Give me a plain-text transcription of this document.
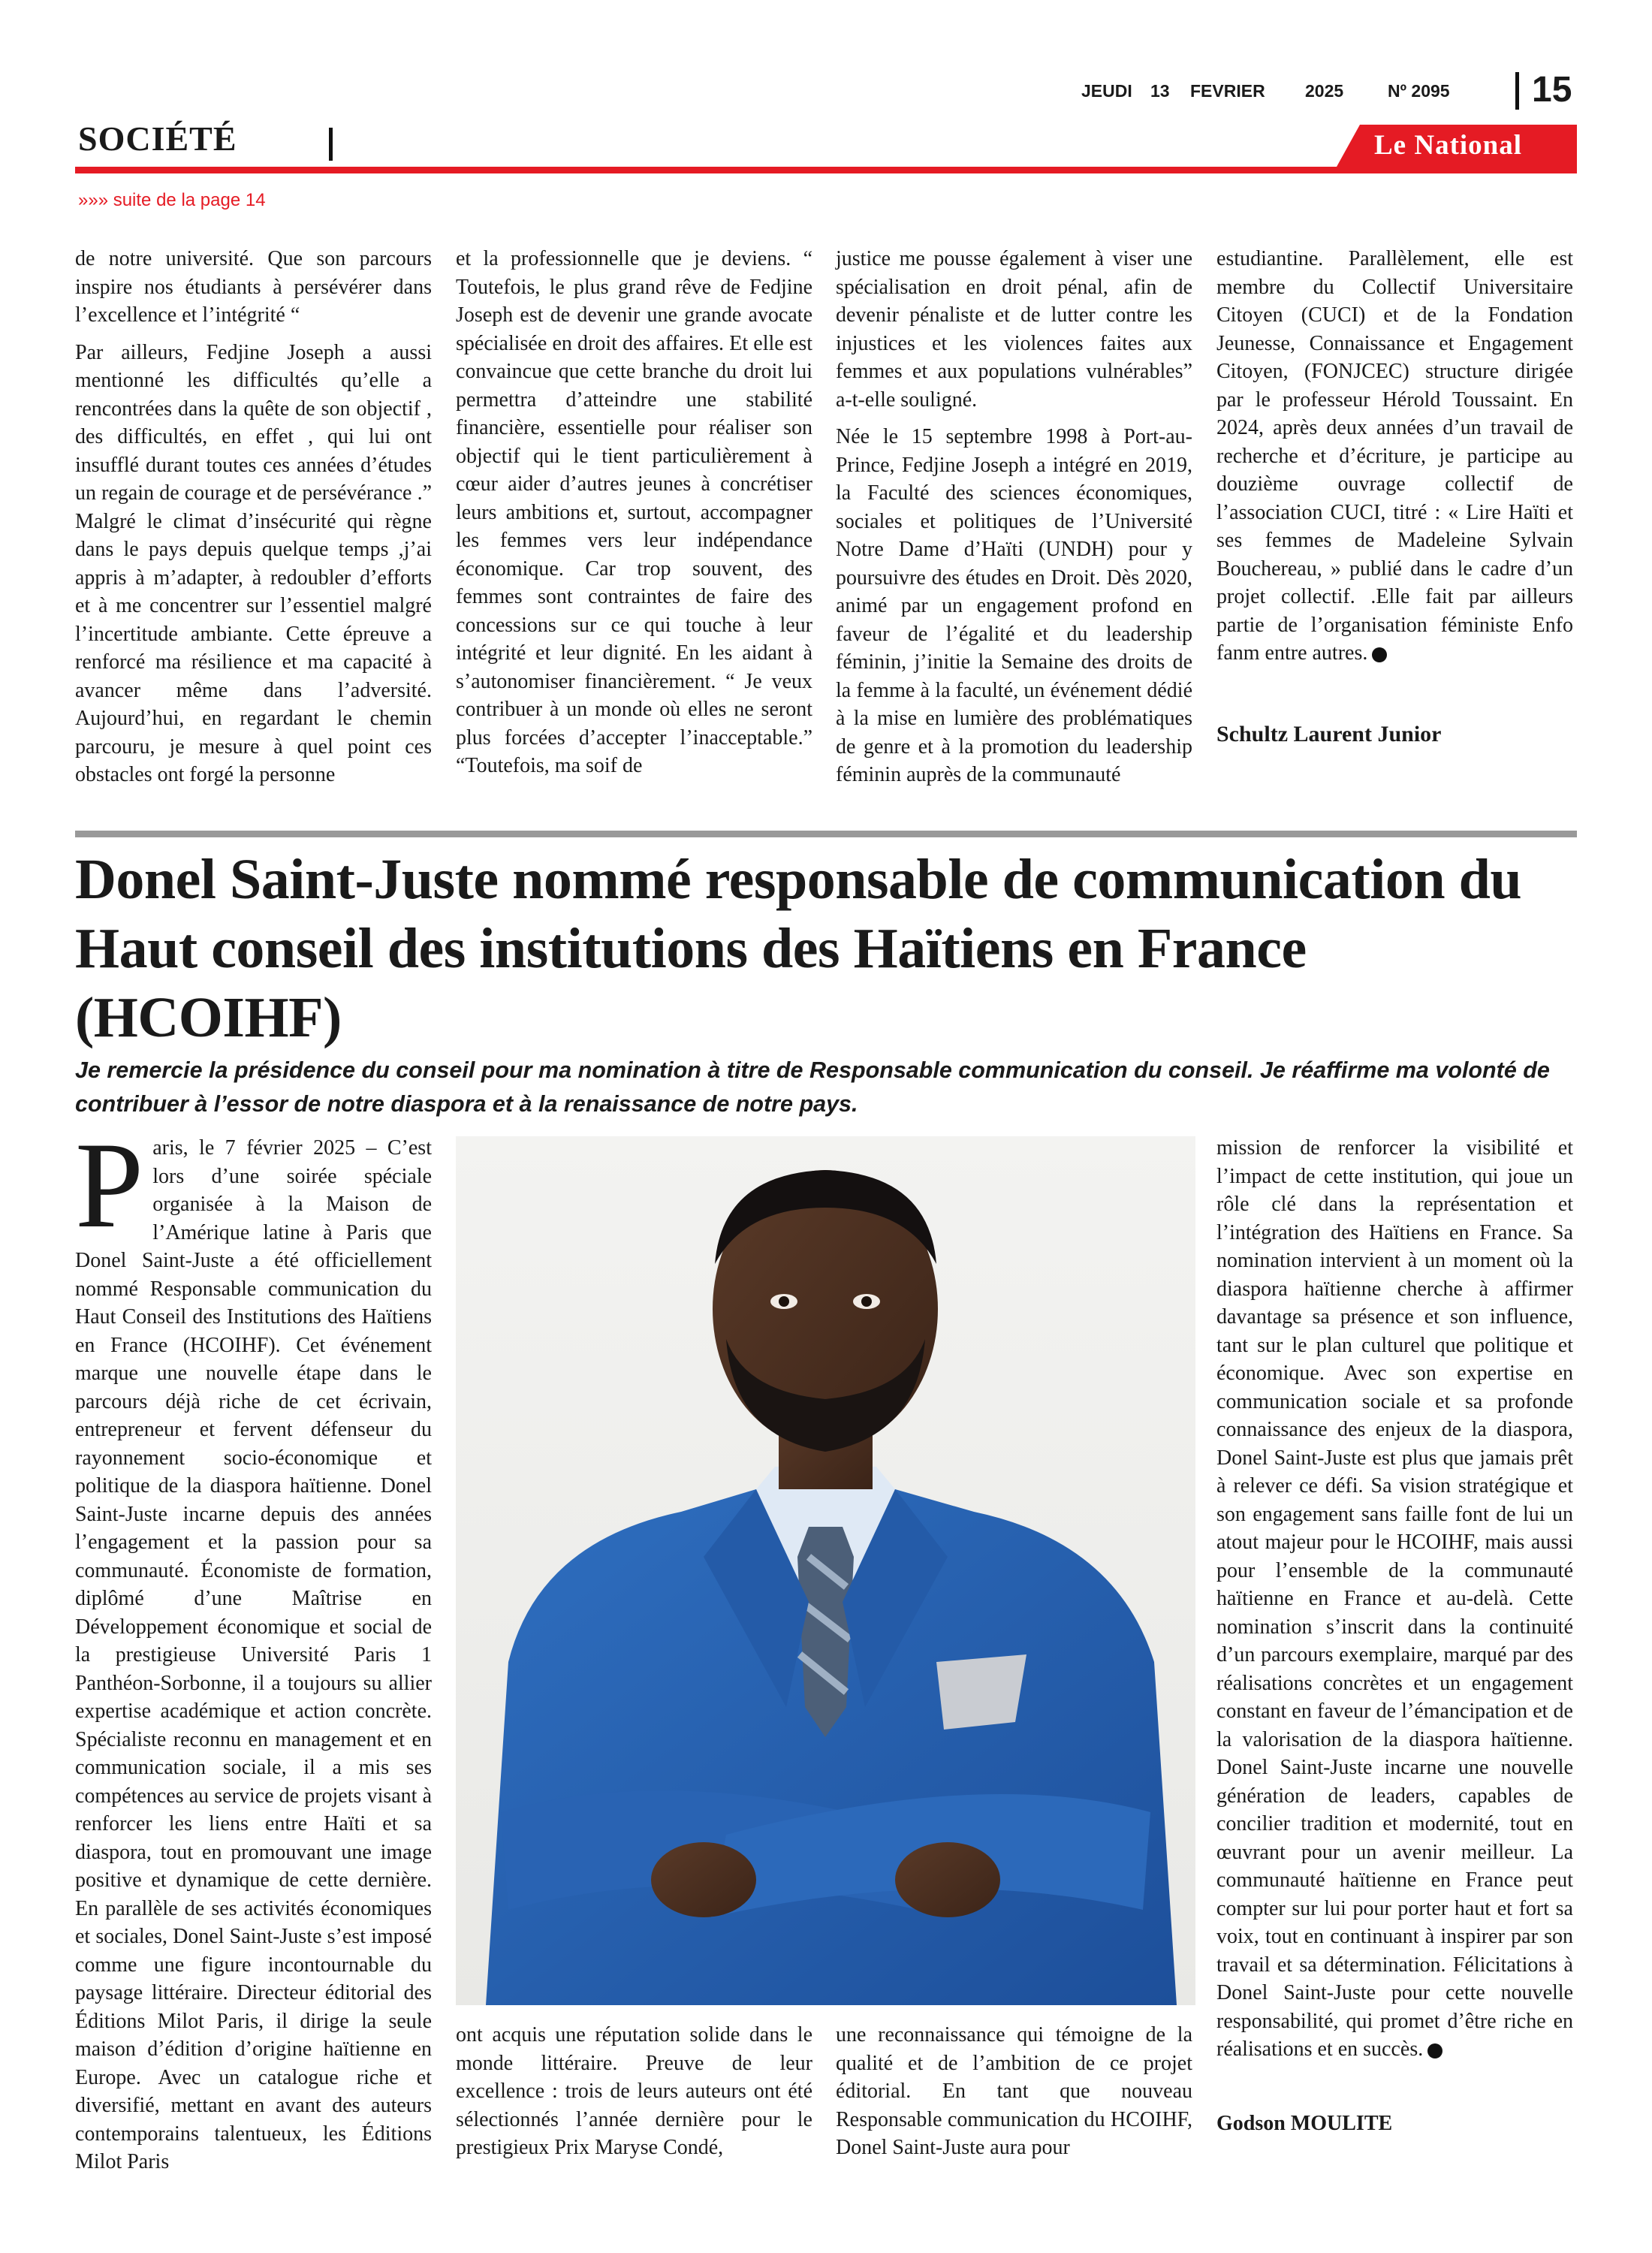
JEUDI 13 FEVRIER 2025	Nº 2095 15
SOCIÉTÉ	Le National
»»» suite de la page 14

de notre université. Que son parcours inspire nos étudiants à persévérer dans l’excellence et l’intégrité “

Par ailleurs, Fedjine Joseph a aussi mentionné les difficultés qu’elle a rencontrées dans la quête de son objectif , des difficultés, en effet , qui lui ont insufflé durant toutes ces années d’études un regain de courage et de persévérance .” Malgré le climat d’insécurité qui règne dans le pays depuis quelque temps ,j’ai appris à m’adapter, à redoubler d’efforts et à me concentrer sur l’essentiel malgré l’incertitude ambiante. Cette épreuve a renforcé ma résilience et ma capacité à avancer même dans l’adversité. Aujourd’hui, en regardant le chemin parcouru, je mesure à quel point ces obstacles ont forgé la personne

et la professionnelle que je deviens. “ Toutefois, le plus grand rêve de Fedjine Joseph est de devenir une grande avocate spécialisée en droit des affaires. Et elle est convaincue que cette branche du droit lui permettra d’atteindre une stabilité financière, essentielle pour réaliser son objectif qui le tient particulièrement à cœur aider d’autres jeunes à concrétiser leurs ambitions et, surtout, accompagner les femmes vers leur indépendance économique. Car trop souvent, des femmes sont contraintes de faire des concessions sur ce qui touche à leur intégrité et leur dignité. En les aidant à s’autonomiser financièrement. “ Je veux contribuer à un monde où elles ne seront plus forcées d’accepter l’inacceptable.” “Toutefois, ma soif de

justice me pousse également à viser une spécialisation en droit pénal, afin de devenir pénaliste et de lutter contre les injustices et les violences faites aux femmes et aux populations vulnérables” a-t-elle souligné.

Née le 15 septembre 1998 à Port-au-Prince, Fedjine Joseph a intégré en 2019, la Faculté des sciences économiques, sociales et politiques de l’Université Notre Dame d’Haïti (UNDH) pour y poursuivre des études en Droit. Dès 2020, animé par un engagement profond en faveur de l’égalité et du leadership féminin, j’initie la Semaine des droits de la femme à la faculté, un événement dédié à la mise en lumière des problématiques de genre et à la promotion du leadership féminin auprès de la communauté

estudiantine. Parallèlement, elle est membre du Collectif Universitaire Citoyen (CUCI) et de la Fondation Jeunesse, Connaissance et Engagement Citoyen, (FONJCEC) structure dirigée par le professeur Hérold Toussaint. En 2024, après deux années d’un travail de recherche et d’écriture, je participe au douzième ouvrage collectif de l’association CUCI, titré : « Lire Haïti et ses femmes de Madeleine Sylvain Bouchereau, » publié dans le cadre d’un projet collectif. .Elle fait par ailleurs partie de l’organisation féministe Enfo fanm entre autres.

Schultz Laurent Junior
Donel Saint-Juste nommé responsable de communication du Haut conseil des institutions des Haïtiens en France (HCOIHF)
Je remercie la présidence du conseil pour ma nomination à titre de Responsable communication du conseil. Je réaffirme ma volonté de contribuer à l’essor de notre diaspora et à la renaissance de notre pays.
Paris, le 7 février 2025 – C’est lors d’une soirée spéciale organisée à la Maison de l’Amérique latine à Paris que Donel Saint-Juste a été officiellement nommé Responsable communication du Haut Conseil des Institutions des Haïtiens en France (HCOIHF). Cet événement marque une nouvelle étape dans le parcours déjà riche de cet écrivain, entrepreneur et fervent défenseur du rayonnement socio-économique et politique de la diaspora haïtienne. Donel Saint-Juste incarne depuis des années l’engagement et la passion pour sa communauté. Économiste de formation, diplômé d’une Maîtrise en Développement économique et social de la prestigieuse Université Paris 1 Panthéon-Sorbonne, il a toujours su allier expertise académique et action concrète. Spécialiste reconnu en management et en communication sociale, il a mis ses compétences au service de projets visant à renforcer les liens entre Haïti et sa diaspora, tout en promouvant une image positive et dynamique de cette dernière. En parallèle de ses activités économiques et sociales, Donel Saint-Juste s’est imposé comme une figure incontournable du paysage littéraire. Directeur éditorial des Éditions Milot Paris, il dirige la seule maison d’édition d’origine haïtienne en Europe. Avec un catalogue riche et diversifié, mettant en avant des auteurs contemporains talentueux, les Éditions Milot Paris

ont acquis une réputation solide dans le monde littéraire. Preuve de leur excellence : trois de leurs auteurs ont été sélectionnés l’année dernière pour le prestigieux Prix Maryse Condé,

une reconnaissance qui témoigne de la qualité et de l’ambition de ce projet éditorial. En tant que nouveau Responsable communication du HCOIHF, Donel Saint-Juste aura pour

mission de renforcer la visibilité et l’impact de cette institution, qui joue un rôle clé dans la représentation et l’intégration des Haïtiens en France. Sa nomination intervient à un moment où la diaspora haïtienne cherche à affirmer davantage sa présence et son influence, tant sur le plan culturel que politique et économique. Avec son expertise en communication sociale et sa profonde connaissance des enjeux de la diaspora, Donel Saint-Juste est plus que jamais prêt à relever ce défi. Sa vision stratégique et son engagement sans faille font de lui un atout majeur pour le HCOIHF, mais aussi pour l’ensemble de la communauté haïtienne en France et au-delà. Cette nomination s’inscrit dans la continuité d’un parcours exemplaire, marqué par des réalisations concrètes et un engagement constant en faveur de l’émancipation et de la valorisation de la diaspora haïtienne. Donel Saint-Juste incarne une nouvelle génération de leaders, capables de concilier tradition et modernité, tout en œuvrant pour un avenir meilleur. La communauté haïtienne en France peut compter sur lui pour porter haut et fort sa voix, tout en continuant à inspirer par son travail et sa détermination. Félicitations à Donel Saint-Juste pour cette nouvelle responsabilité, qui promet d’être riche en réalisations et en succès.

Godson MOULITE
